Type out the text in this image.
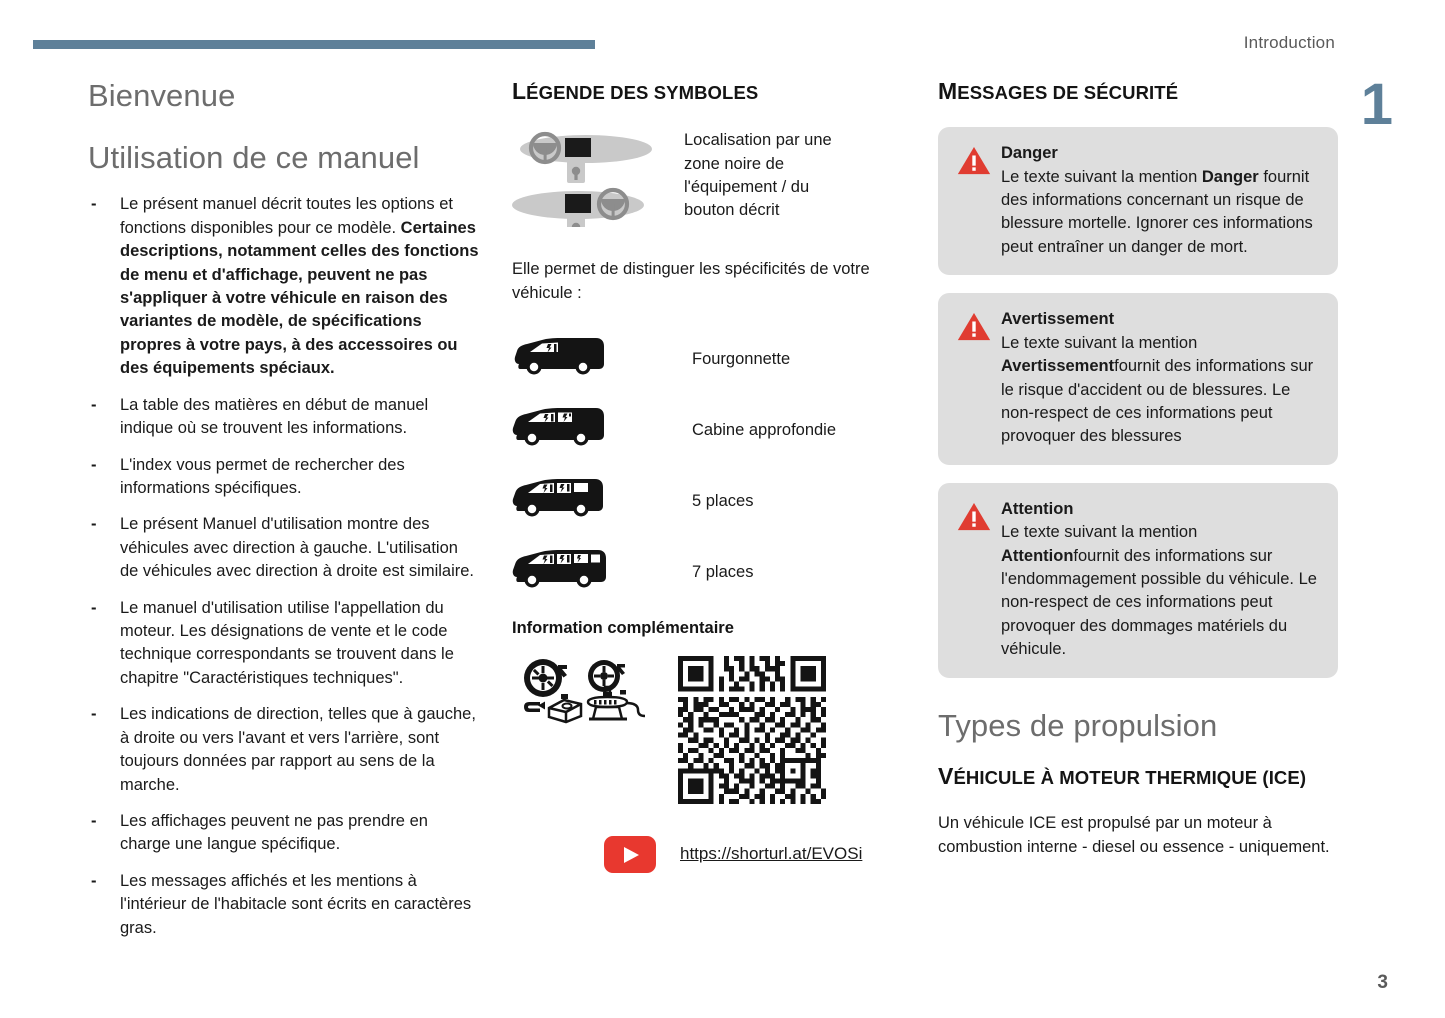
Introduction
1
3
Bienvenue
Utilisation de ce manuel
- Le présent manuel décrit toutes les options et fonctions disponibles pour ce modèle. Certaines descriptions, notamment celles des fonctions de menu et d'affichage, peuvent ne pas s'appliquer à votre véhicule en raison des variantes de modèle, de spécifications propres à votre pays, à des accessoires ou des équipements spéciaux.
- La table des matières en début de manuel indique où se trouvent les informations.
- L'index vous permet de rechercher des informations spécifiques.
- Le présent Manuel d'utilisation montre des véhicules avec direction à gauche. L'utilisation de véhicules avec direction à droite est similaire.
- Le manuel d'utilisation utilise l'appellation du moteur. Les désignations de vente et le code technique correspondants se trouvent dans le chapitre "Caractéristiques techniques".
- Les indications de direction, telles que à gauche, à droite ou vers l'avant et vers l'arrière, sont toujours données par rapport au sens de la marche.
- Les affichages peuvent ne pas prendre en charge une langue spécifique.
- Les messages affichés et les mentions à l'intérieur de l'habitacle sont écrits en caractères gras.
LÉGENDE DES SYMBOLES
Localisation par une zone noire de l'équipement / du bouton décrit
Elle permet de distinguer les spécificités de votre véhicule :
Fourgonnette
Cabine approfondie
5 places
7 places
Information complémentaire
https://shorturl.at/EVOSi
MESSAGES DE SÉCURITÉ
Danger
Le texte suivant la mention Danger fournit des informations concernant un risque de blessure mortelle. Ignorer ces informations peut entraîner un danger de mort.
Avertissement
Le texte suivant la mention Avertissementfournit des informations sur le risque d'accident ou de blessures. Le non-respect de ces informations peut provoquer des blessures
Attention
Le texte suivant la mention Attentionfournit des informations sur l'endommagement possible du véhicule. Le non-respect de ces informations peut provoquer des dommages matériels du véhicule.
Types de propulsion
VÉHICULE À MOTEUR THERMIQUE (ICE)

Un véhicule ICE est propulsé par un moteur à combustion interne - diesel ou essence - uniquement.
